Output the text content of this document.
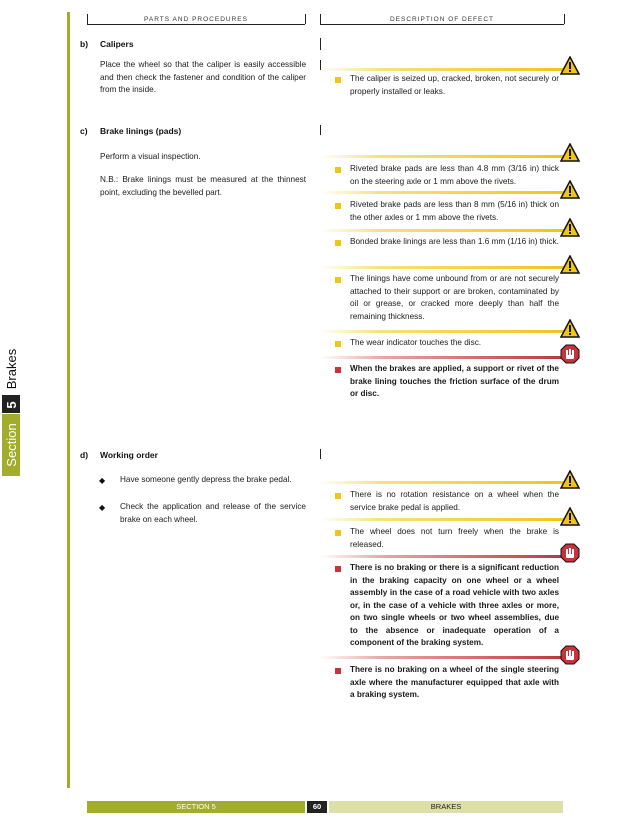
Section
5
Brakes
PARTS AND PROCEDURES	DESCRIPTION OF DEFECT
b) Calipers
Place the wheel so that the caliper is easily accessible and then check the fastener and condition of the caliper from the inside.
The caliper is seized up, cracked, broken, not securely or properly installed or leaks.
c) Brake linings (pads)
Perform a visual inspection.
N.B.: Brake linings must be measured at the thinnest point, excluding the bevelled part.
Riveted brake pads are less than 4.8 mm (3/16 in) thick on the steering axle or 1 mm above the rivets.
Riveted brake pads are less than 8 mm (5/16 in) thick on the other axles or 1 mm above the rivets.
Bonded brake linings are less than 1.6 mm (1/16 in) thick.
The linings have come unbound from or are not securely attached to their support or are broken, contaminated by oil or grease, or cracked more deeply than half the remaining thickness.
The wear indicator touches the disc.
When the brakes are applied, a support or rivet of the brake lining touches the friction surface of the drum or disc.
d) Working order
◆ Have someone gently depress the brake pedal.
◆ Check the application and release of the service brake on each wheel.
There is no rotation resistance on a wheel when the service brake pedal is applied.
The wheel does not turn freely when the brake is released.
There is no braking or there is a significant reduction in the braking capacity on one wheel or a wheel assembly in the case of a road vehicle with two axles or, in the case of a vehicle with three axles or more, on two single wheels or two wheel assemblies, due to the absence or inadequate operation of a component of the braking system.
There is no braking on a wheel of the single steering axle where the manufacturer equipped that axle with a braking system.
SECTION 5	60	BRAKES
